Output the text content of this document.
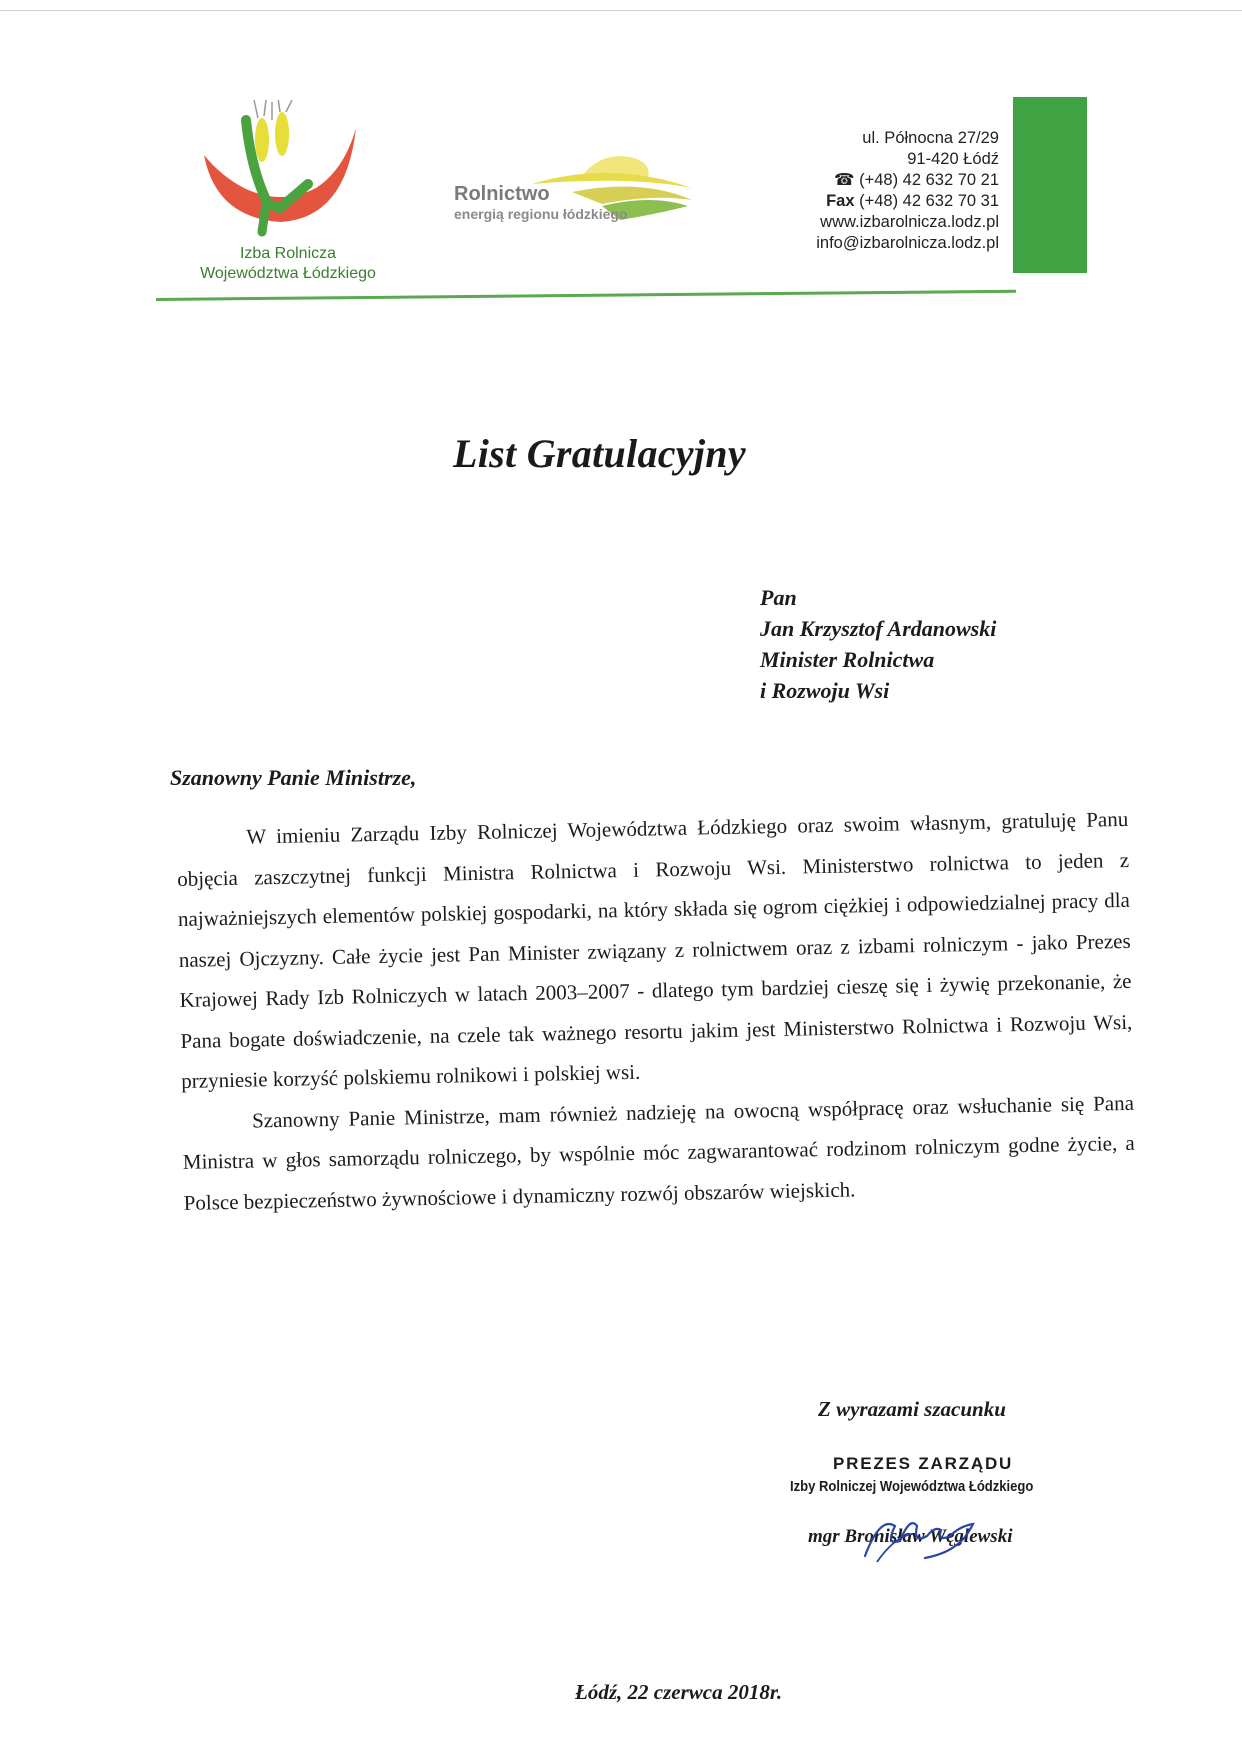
Izba Rolnicza
Województwa Łódzkiego
Rolnictwo
energią regionu łódzkiego
ul. Północna 27/29
91-420 Łódź
☎ (+48) 42 632 70 21
Fax (+48) 42 632 70 31
www.izbarolnicza.lodz.pl
info@izbarolnicza.lodz.pl
List Gratulacyjny
Pan
Jan Krzysztof Ardanowski
Minister Rolnictwa
i Rozwoju Wsi
Szanowny Panie Ministrze,

W imieniu Zarządu Izby Rolniczej Województwa Łódzkiego oraz swoim własnym, gratuluję Panu objęcia zaszczytnej funkcji Ministra Rolnictwa i Rozwoju Wsi. Ministerstwo rolnictwa to jeden z najważniejszych elementów polskiej gospodarki, na który składa się ogrom ciężkiej i odpowiedzialnej pracy dla naszej Ojczyzny. Całe życie jest Pan Minister związany z rolnictwem oraz z izbami rolniczym - jako Prezes Krajowej Rady Izb Rolniczych w latach 2003–2007 - dlatego tym bardziej cieszę się i żywię przekonanie, że Pana bogate doświadczenie, na czele tak ważnego resortu jakim jest Ministerstwo Rolnictwa i Rozwoju Wsi, przyniesie korzyść polskiemu rolnikowi i polskiej wsi.

Szanowny Panie Ministrze, mam również nadzieję na owocną współpracę oraz wsłuchanie się Pana Ministra w głos samorządu rolniczego, by wspólnie móc zagwarantować rodzinom rolniczym godne życie, a Polsce bezpieczeństwo żywnościowe i dynamiczny rozwój obszarów wiejskich.

Z wyrazami szacunku
PREZES ZARZĄDU
Izby Rolniczej Województwa Łódzkiego
mgr Bronisław Węglewski
Łódź, 22 czerwca 2018r.
